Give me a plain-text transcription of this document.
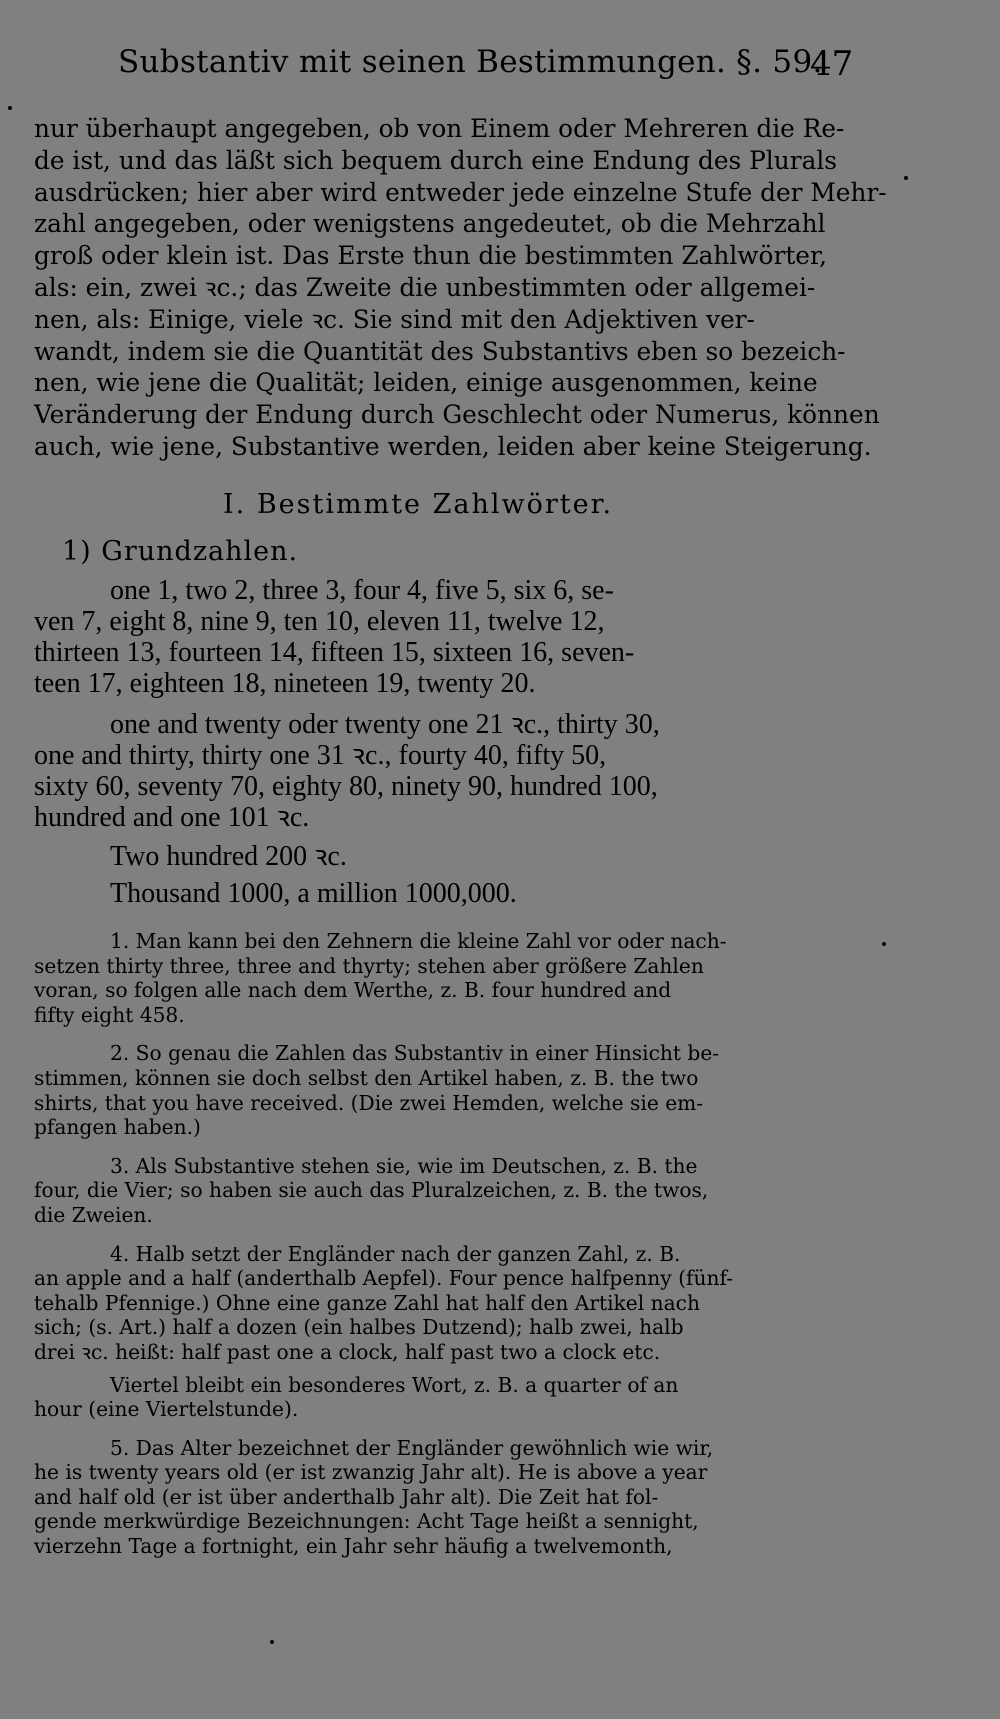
Substantiv mit seinen Bestimmungen. §. 59.
47
nur überhaupt angegeben, ob von Einem oder Mehreren die Re-
de ist, und das läßt sich bequem durch eine Endung des Plurals
ausdrücken; hier aber wird entweder jede einzelne Stufe der Mehr-
zahl angegeben, oder wenigstens angedeutet, ob die Mehrzahl
groß oder klein ist. Das Erste thun die bestimmten Zahlwörter,
als: ein, zwei ꝛc.; das Zweite die unbestimmten oder allgemei-
nen, als: Einige, viele ꝛc. Sie sind mit den Adjektiven ver-
wandt, indem sie die Quantität des Substantivs eben so bezeich-
nen, wie jene die Qualität; leiden, einige ausgenommen, keine
Veränderung der Endung durch Geschlecht oder Numerus, können
auch, wie jene, Substantive werden, leiden aber keine Steigerung.
I. Bestimmte Zahlwörter.
1) Grundzahlen.
one 1, two 2, three 3, four 4, five 5, six 6, se-
ven 7, eight 8, nine 9, ten 10, eleven 11, twelve 12,
thirteen 13, fourteen 14, fifteen 15, sixteen 16, seven-
teen 17, eighteen 18, nineteen 19, twenty 20.
one and twenty oder twenty one 21 ꝛc., thirty 30,
one and thirty, thirty one 31 ꝛc., fourty 40, fifty 50,
sixty 60, seventy 70, eighty 80, ninety 90, hundred 100,
hundred and one 101 ꝛc.
Two hundred 200 ꝛc.
Thousand 1000, a million 1000,000.
1. Man kann bei den Zehnern die kleine Zahl vor oder nach-
setzen thirty three, three and thyrty; stehen aber größere Zahlen
voran, so folgen alle nach dem Werthe, z. B. four hundred and
fifty eight 458.
2. So genau die Zahlen das Substantiv in einer Hinsicht be-
stimmen, können sie doch selbst den Artikel haben, z. B. the two
shirts, that you have received. (Die zwei Hemden, welche sie em-
pfangen haben.)
3. Als Substantive stehen sie, wie im Deutschen, z. B. the
four, die Vier; so haben sie auch das Pluralzeichen, z. B. the twos,
die Zweien.
4. Halb setzt der Engländer nach der ganzen Zahl, z. B.
an apple and a half (anderthalb Aepfel). Four pence halfpenny (fünf-
tehalb Pfennige.) Ohne eine ganze Zahl hat half den Artikel nach
sich; (s. Art.) half a dozen (ein halbes Dutzend); halb zwei, halb
drei ꝛc. heißt: half past one a clock, half past two a clock etc.
Viertel bleibt ein besonderes Wort, z. B. a quarter of an
hour (eine Viertelstunde).
5. Das Alter bezeichnet der Engländer gewöhnlich wie wir,
he is twenty years old (er ist zwanzig Jahr alt). He is above a year
and half old (er ist über anderthalb Jahr alt). Die Zeit hat fol-
gende merkwürdige Bezeichnungen: Acht Tage heißt a sennight,
vierzehn Tage a fortnight, ein Jahr sehr häufig a twelvemonth,
